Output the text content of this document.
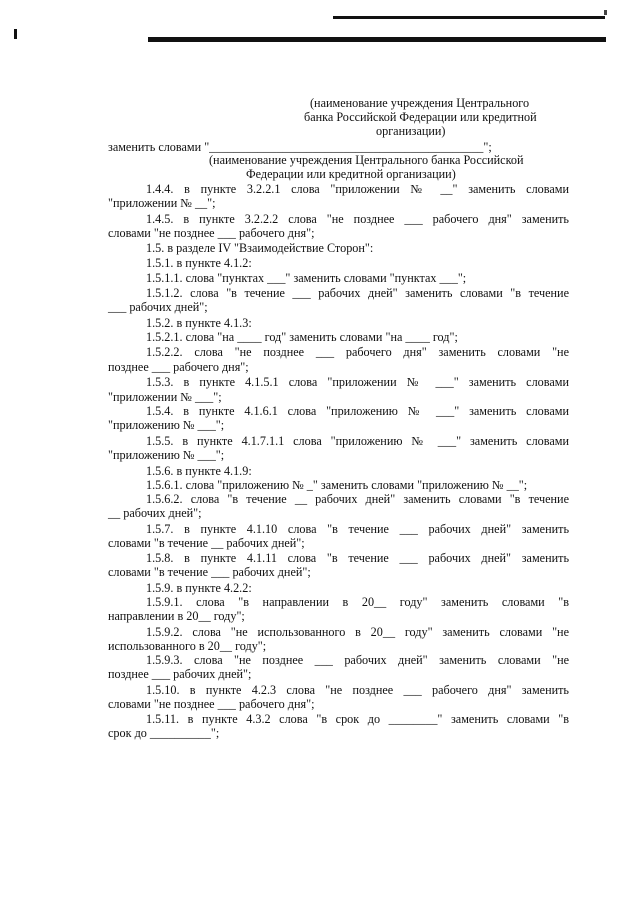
(наименование учреждения Центрального
банка Российской Федерации или кредитной
организации)
заменить словами "_____________________________________________";
(наименование учреждения Центрального банка Российской
Федерации или кредитной организации)
1.4.4. в пункте 3.2.2.1 слова "приложении № __" заменить словами
"приложении № __";
1.4.5. в пункте 3.2.2.2 слова "не позднее ___ рабочего дня" заменить
словами "не позднее ___ рабочего дня";
1.5. в разделе IV "Взаимодействие Сторон":
1.5.1. в пункте 4.1.2:
1.5.1.1. слова "пунктах ___" заменить словами "пунктах ___";
1.5.1.2. слова "в течение ___ рабочих дней" заменить словами "в течение
___ рабочих дней";
1.5.2. в пункте 4.1.3:
1.5.2.1. слова "на ____ год" заменить словами "на ____ год";
1.5.2.2. слова "не позднее ___ рабочего дня" заменить словами "не
позднее ___ рабочего дня";
1.5.3. в пункте 4.1.5.1 слова "приложении № ___" заменить словами
"приложении № ___";
1.5.4. в пункте 4.1.6.1 слова "приложению № ___" заменить словами
"приложению № ___";
1.5.5. в пункте 4.1.7.1.1 слова "приложению № ___" заменить словами
"приложению № ___";
1.5.6. в пункте 4.1.9:
1.5.6.1. слова "приложению № _" заменить словами "приложению № __";
1.5.6.2. слова "в течение __ рабочих дней" заменить словами "в течение
__ рабочих дней";
1.5.7. в пункте 4.1.10 слова "в течение ___ рабочих дней" заменить
словами "в течение __ рабочих дней";
1.5.8. в пункте 4.1.11 слова "в течение ___ рабочих дней" заменить
словами "в течение ___ рабочих дней";
1.5.9. в пункте 4.2.2:
1.5.9.1. слова "в направлении в 20__ году" заменить словами "в
направлении в 20__ году";
1.5.9.2. слова "не использованного в 20__ году" заменить словами "не
использованного в 20__ году";
1.5.9.3. слова "не позднее ___ рабочих дней" заменить словами "не
позднее ___ рабочих дней";
1.5.10. в пункте 4.2.3 слова "не позднее ___ рабочего дня" заменить
словами "не позднее ___ рабочего дня";
1.5.11. в пункте 4.3.2 слова "в срок до ________" заменить словами "в
срок до __________";
